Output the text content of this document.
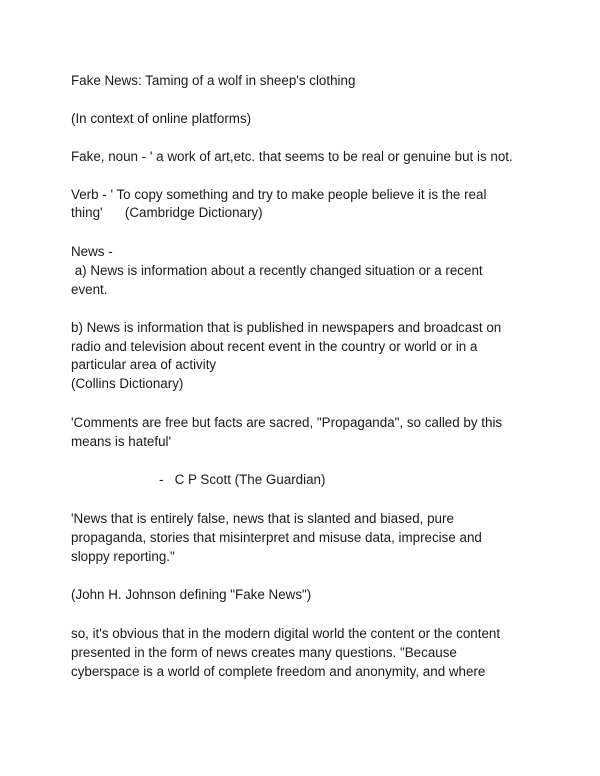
Fake News: Taming of a wolf in sheep's clothing
(In context of online platforms)
Fake, noun - ' a work of art,etc. that seems to be real or genuine but is not.
Verb - ' To copy something and try to make people believe it is the real
thing'      (Cambridge Dictionary)
News -
a) News is information about a recently changed situation or a recent
event.
b) News is information that is published in newspapers and broadcast on
radio and television about recent event in the country or world or in a
particular area of activity
(Collins Dictionary)
'Comments are free but facts are sacred, "Propaganda", so called by this
means is hateful'
-   C P Scott (The Guardian)
'News that is entirely false, news that is slanted and biased, pure
propaganda, stories that misinterpret and misuse data, imprecise and
sloppy reporting."
(John H. Johnson defining "Fake News")
so, it's obvious that in the modern digital world the content or the content
presented in the form of news creates many questions. "Because
cyberspace is a world of complete freedom and anonymity, and where
